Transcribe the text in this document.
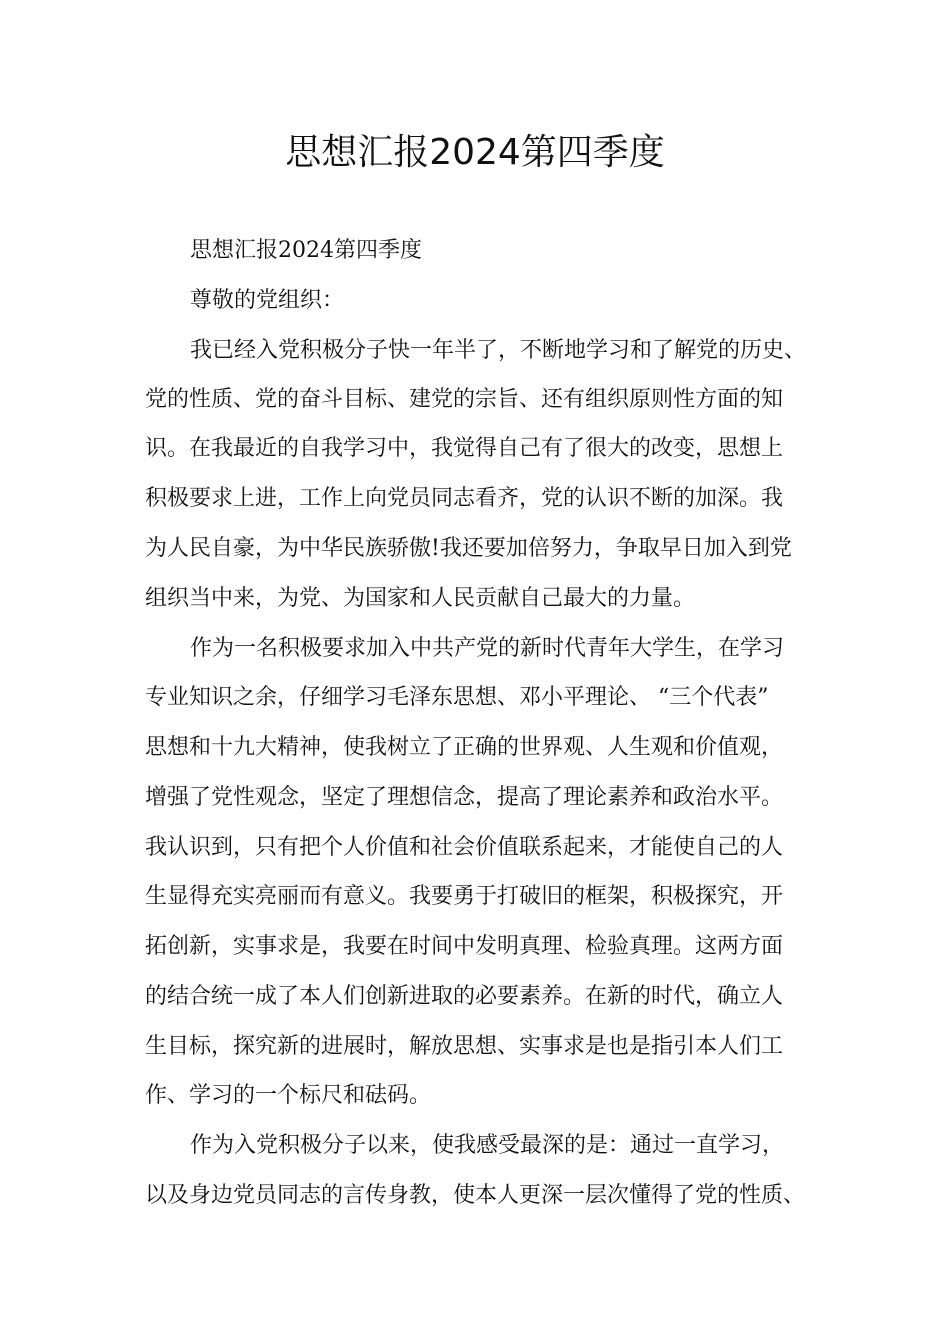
思想汇报2024第四季度

思想汇报2024第四季度

尊敬的党组织：

我已经入党积极分子快一年半了，不断地学习和了解党的历史、

党的性质、党的奋斗目标、建党的宗旨、还有组织原则性方面的知

识。在我最近的自我学习中，我觉得自己有了很大的改变，思想上

积极要求上进，工作上向党员同志看齐，党的认识不断的加深。我

为人民自豪，为中华民族骄傲!我还要加倍努力，争取早日加入到党

组织当中来，为党、为国家和人民贡献自己最大的力量。

作为一名积极要求加入中共产党的新时代青年大学生，在学习

专业知识之余，仔细学习毛泽东思想、邓小平理论、 “三个代表”

思想和十九大精神，使我树立了正确的世界观、人生观和价值观，

增强了党性观念，坚定了理想信念，提高了理论素养和政治水平。

我认识到，只有把个人价值和社会价值联系起来，才能使自己的人

生显得充实亮丽而有意义。我要勇于打破旧的框架，积极探究，开

拓创新，实事求是，我要在时间中发明真理、检验真理。这两方面

的结合统一成了本人们创新进取的必要素养。在新的时代，确立人

生目标，探究新的进展时，解放思想、实事求是也是指引本人们工

作、学习的一个标尺和砝码。

作为入党积极分子以来，使我感受最深的是：通过一直学习，

以及身边党员同志的言传身教，使本人更深一层次懂得了党的性质、
